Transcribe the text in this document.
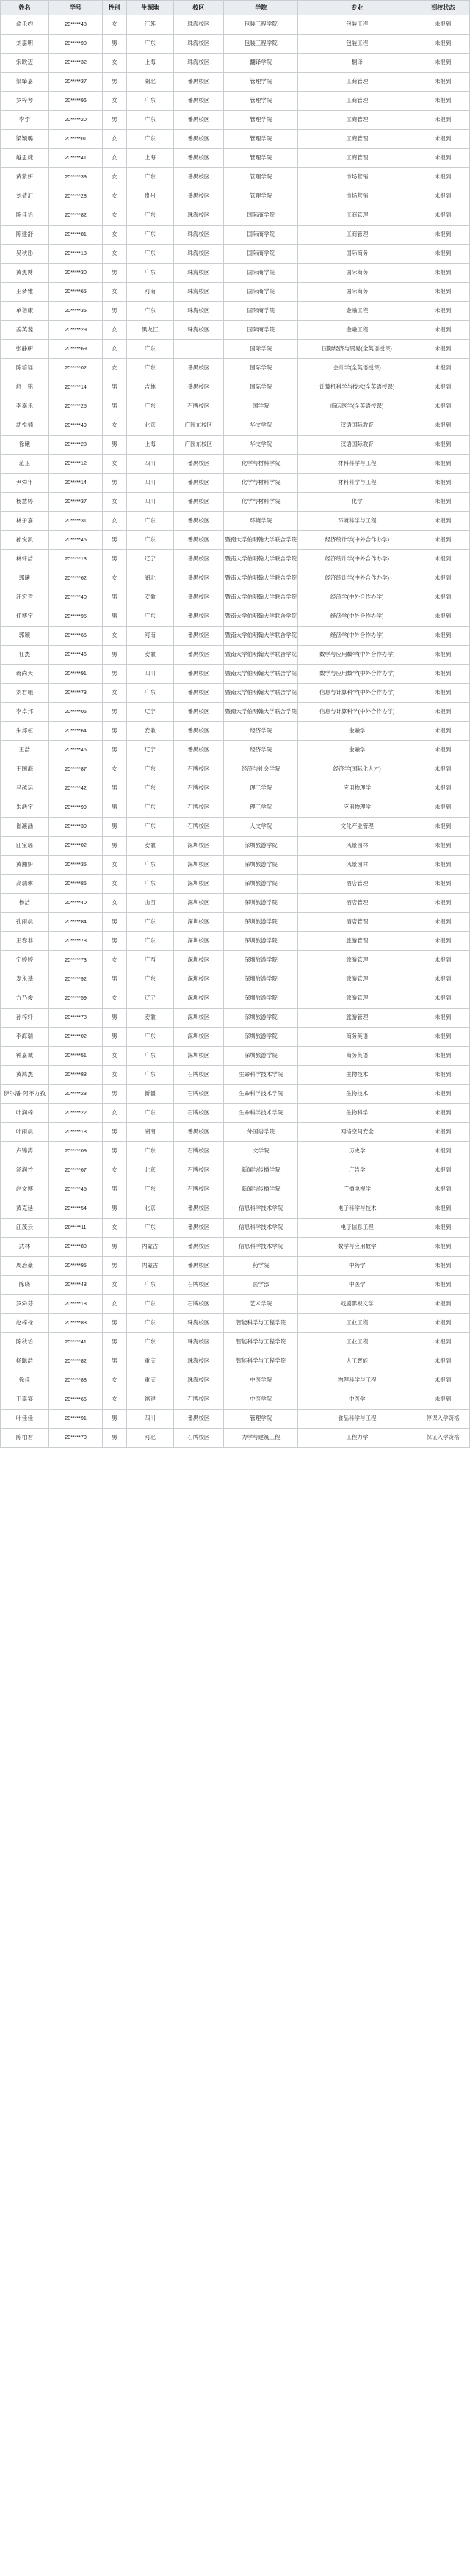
姓名	学号	性别	生源地	校区	学院	专业	到校状态
俞乐约	20*****48	女	江苏	珠海校区	包装工程学院	包装工程	未报到
刘嘉明	20*****90	男	广东	珠海校区	包装工程学院	包装工程	未报到
宋欧迈	20*****32	女	上海	珠海校区	翻译学院	翻译	未报到
梁肇嘉	20*****37	男	湖北	番禺校区	管理学院	工商管理	未报到
罗梓琴	20*****96	女	广东	番禺校区	管理学院	工商管理	未报到
李宁	20*****20	男	广东	番禺校区	管理学院	工商管理	未报到
梁颖璐	20*****01	女	广东	番禺校区	管理学院	工商管理	未报到
越思婕	20*****41	女	上海	番禺校区	管理学院	工商管理	未报到
黄紫妍	20*****39	女	广东	番禺校区	管理学院	市场营销	未报到
刘倩汇	20*****28	女	贵州	番禺校区	管理学院	市场营销	未报到
陈佳怡	20*****82	女	广东	珠海校区	国际商学院	工商管理	未报到
陈建舒	20*****81	女	广东	珠海校区	国际商学院	工商管理	未报到
吴秋彤	20*****18	女	广东	珠海校区	国际商学院	国际商务	未报到
黄焦博	20*****30	男	广东	珠海校区	国际商学院	国际商务	未报到
王梦雅	20*****65	女	河南	珠海校区	国际商学院	国际商务	未报到
单诣康	20*****35	男	广东	珠海校区	国际商学院	金融工程	未报到
姜英斐	20*****29	女	黑龙江	珠海校区	国际商学院	金融工程	未报到
张静研	20*****69	女	广东		国际学院	国际经济与贸易(全英语授课)	未报到
陈培瑶	20*****02	女	广东	番禺校区	国际学院	会计学(全英语授课)	未报到
舒一铭	20*****14	男	吉林	番禺校区	国际学院	计算机科学与技术(全英语授课)	未报到
李嘉乐	20*****25	男	广东	石牌校区	国学院	临床医学(全英语授课)	未报到
胡悦楠	20*****49	女	北京	广园东校区	华文学院	汉语国际教育	未报到
徐曦	20*****28	男	上海	广园东校区	华文学院	汉语国际教育	未报到
范玉	20*****12	女	四川	番禺校区	化学与材料学院	材料科学与工程	未报到
尹舜年	20*****14	男	四川	番禺校区	化学与材料学院	材料科学与工程	未报到
杨慧婷	20*****37	女	四川	番禺校区	化学与材料学院	化学	未报到
林子嘉	20*****31	女	广东	番禺校区	环境学院	环境科学与工程	未报到
孙悦凯	20*****45	男	广东	番禺校区	暨南大学伯明翰大学联合学院	经济统计学(中外合作办学)	未报到
林轩洁	20*****13	男	辽宁	番禺校区	暨南大学伯明翰大学联合学院	经济统计学(中外合作办学)	未报到
郭曦	20*****62	女	湖北	番禺校区	暨南大学伯明翰大学联合学院	经济统计学(中外合作办学)	未报到
汪宏哲	20*****40	男	安徽	番禺校区	暨南大学伯明翰大学联合学院	经济学(中外合作办学)	未报到
任博宇	20*****95	男	广东	番禺校区	暨南大学伯明翰大学联合学院	经济学(中外合作办学)	未报到
郭颖	20*****65	女	河南	番禺校区	暨南大学伯明翰大学联合学院	经济学(中外合作办学)	未报到
任杰	20*****46	男	安徽	番禺校区	暨南大学伯明翰大学联合学院	数学与应用数学(中外合作办学)	未报到
蒋尚天	20*****91	男	四川	番禺校区	暨南大学伯明翰大学联合学院	数学与应用数学(中外合作办学)	未报到
刘君峨	20*****73	女	广东	番禺校区	暨南大学伯明翰大学联合学院	信息与计算科学(中外合作办学)	未报到
李卓邦	20*****06	男	辽宁	番禺校区	暨南大学伯明翰大学联合学院	信息与计算科学(中外合作办学)	未报到
朱邦桓	20*****64	男	安徽	番禺校区	经济学院	金融学	未报到
王浩	20*****46	男	辽宁	番禺校区	经济学院	金融学	未报到
王国海	20*****87	女	广东	石牌校区	经济与社会学院	经济学(国际化人才)	未报到
马越运	20*****42	男	广东	石牌校区	理工学院	应用物理学	未报到
朱浩宇	20*****99	男	广东	石牌校区	理工学院	应用物理学	未报到
崔凛涵	20*****30	男	广东	石牌校区	人文学院	文化产业管理	未报到
汪宝瑶	20*****02	男	安徽	深圳校区	深圳旅游学院	风景园林	未报到
黄湘妍	20*****35	女	广东	深圳校区	深圳旅游学院	风景园林	未报到
高瑞琳	20*****86	女	广东	深圳校区	深圳旅游学院	酒店管理	未报到
杨洁	20*****40	女	山西	深圳校区	深圳旅游学院	酒店管理	未报到
孔雨晨	20*****84	男	广东	深圳校区	深圳旅游学院	酒店管理	未报到
王春非	20*****78	男	广东	深圳校区	深圳旅游学院	旅游管理	未报到
宁婷婷	20*****73	女	广西	深圳校区	深圳旅游学院	旅游管理	未报到
麦永基	20*****92	男	广东	深圳校区	深圳旅游学院	旅游管理	未报到
方乃俊	20*****59	女	辽宁	深圳校区	深圳旅游学院	旅游管理	未报到
孙梓轩	20*****78	男	安徽	深圳校区	深圳旅游学院	旅游管理	未报到
李海瑞	20*****02	男	广东	深圳校区	深圳旅游学院	商务英语	未报到
钟嘉诚	20*****51	女	广东	深圳校区	深圳旅游学院	商务英语	未报到
黄鸿杰	20*****88	女	广东	石牌校区	生命科学技术学院	生物技术	未报到
伊尔潘·阿不力孜	20*****23	男	新疆	石牌校区	生命科学技术学院	生物技术	未报到
叶润梓	20*****22	女	广东	石牌校区	生命科学技术学院	生物科学	未报到
叶雨晨	20*****18	男	湖南	番禺校区	外国语学院	网络空间安全	未报到
卢锦涛	20*****09	男	广东	石牌校区	文学院	历史学	未报到
汤润竹	20*****67	女	北京	石牌校区	新闻与传播学院	广告学	未报到
赵文博	20*****45	男	广东	石牌校区	新闻与传播学院	广播电视学	未报到
黄克延	20*****54	男	北京	番禺校区	信息科学技术学院	电子科学与技术	未报到
江茂云	20*****11	女	广东	番禺校区	信息科学技术学院	电子信息工程	未报到
武林	20*****80	男	内蒙古	番禺校区	信息科学技术学院	数学与应用数学	未报到
周冶豪	20*****95	男	内蒙古	番禺校区	药学院	中药学	未报到
陈晓	20*****48	女	广东	石牌校区	医学部	中医学	未报到
罗舜芬	20*****18	女	广东	石牌校区	艺术学院	戏剧影视文学	未报到
赵梓禄	20*****83	男	广东	珠海校区	智能科学与工程学院	工业工程	未报到
陈秋怡	20*****41	男	广东	珠海校区	智能科学与工程学院	工业工程	未报到
杨聪浩	20*****82	男	重庆	珠海校区	智能科学与工程学院	人工智能	未报到
徐佳	20*****88	女	重庆	珠海校区	中医学院	物理科学与工程	未报到
王嘉宴	20*****66	女	福建	石牌校区	中医学院	中医学	未报到
叶佳佳	20*****91	男	四川	番禺校区	管理学院	食品科学与工程	停课入学资格
陈柏君	20*****70	男	河北	石牌校区	力学与建筑工程	工程力学	保证入学资格
